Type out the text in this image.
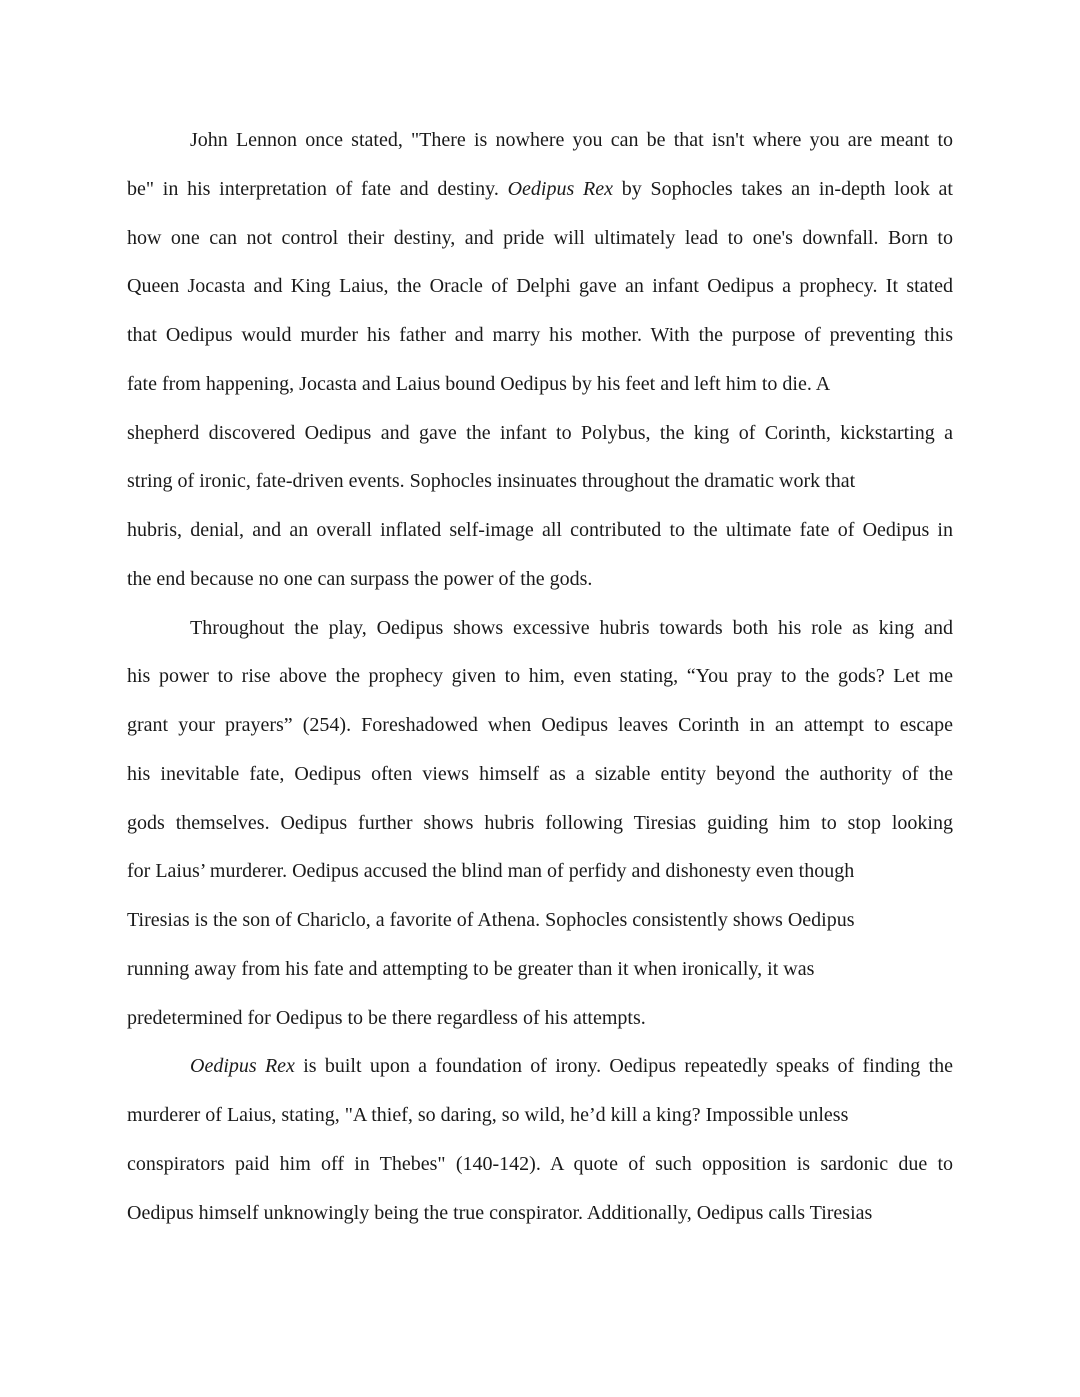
John Lennon once stated, "There is nowhere you can be that isn't where you are meant to
be" in his interpretation of fate and destiny. Oedipus Rex by Sophocles takes an in-depth look at
how one can not control their destiny, and pride will ultimately lead to one's downfall. Born to
Queen Jocasta and King Laius, the Oracle of Delphi gave an infant Oedipus a prophecy. It stated
that Oedipus would murder his father and marry his mother. With the purpose of preventing this
fate from happening, Jocasta and Laius bound Oedipus by his feet and left him to die. A
shepherd discovered Oedipus and gave the infant to Polybus, the king of Corinth, kickstarting a
string of ironic, fate-driven events. Sophocles insinuates throughout the dramatic work that
hubris, denial, and an overall inflated self-image all contributed to the ultimate fate of Oedipus in
the end because no one can surpass the power of the gods.
Throughout the play, Oedipus shows excessive hubris towards both his role as king and
his power to rise above the prophecy given to him, even stating, “You pray to the gods? Let me
grant your prayers” (254). Foreshadowed when Oedipus leaves Corinth in an attempt to escape
his inevitable fate, Oedipus often views himself as a sizable entity beyond the authority of the
gods themselves. Oedipus further shows hubris following Tiresias guiding him to stop looking
for Laius’ murderer. Oedipus accused the blind man of perfidy and dishonesty even though
Tiresias is the son of Chariclo, a favorite of Athena. Sophocles consistently shows Oedipus
running away from his fate and attempting to be greater than it when ironically, it was
predetermined for Oedipus to be there regardless of his attempts.
Oedipus Rex is built upon a foundation of irony. Oedipus repeatedly speaks of finding the
murderer of Laius, stating, "A thief, so daring, so wild, he’d kill a king? Impossible unless
conspirators paid him off in Thebes" (140-142). A quote of such opposition is sardonic due to
Oedipus himself unknowingly being the true conspirator. Additionally, Oedipus calls Tiresias
